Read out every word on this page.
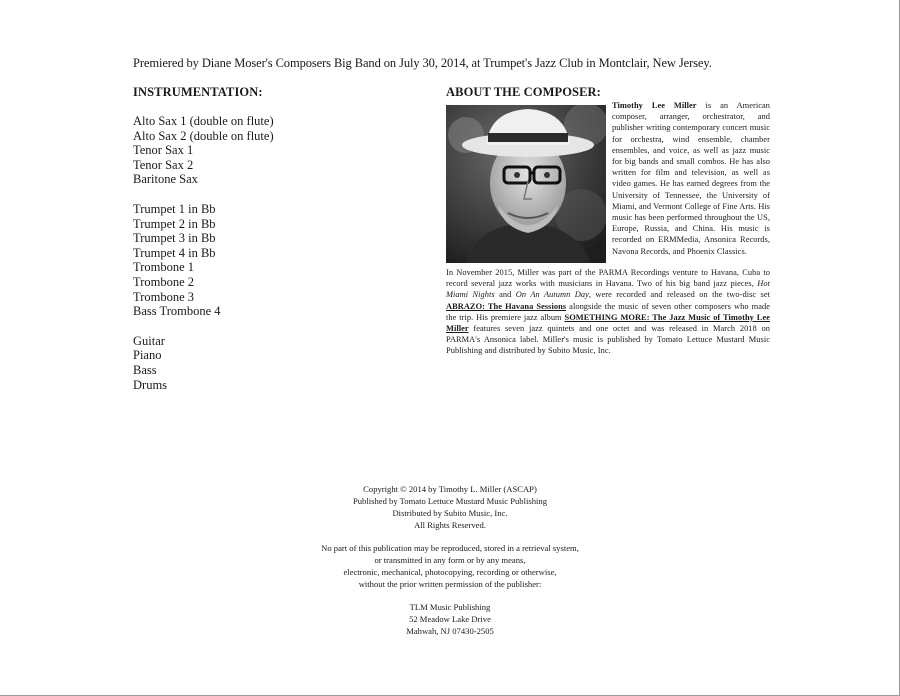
Premiered by Diane Moser's Composers Big Band on July 30, 2014, at Trumpet's Jazz Club in Montclair, New Jersey.
INSTRUMENTATION:
Alto Sax 1 (double on flute)
Alto Sax 2 (double on flute)
Tenor Sax 1
Tenor Sax 2
Baritone Sax
Trumpet 1 in Bb
Trumpet 2 in Bb
Trumpet 3 in Bb
Trumpet 4 in Bb
Trombone 1
Trombone 2
Trombone 3
Bass Trombone 4
Guitar
Piano
Bass
Drums
ABOUT THE COMPOSER:
Timothy Lee Miller is an American composer, arranger, orchestrator, and publisher writing contemporary concert music for orchestra, wind ensemble, chamber ensembles, and voice, as well as jazz music for big bands and small combos. He has also written for film and television, as well as video games. He has earned degrees from the University of Tennessee, the University of Miami, and Vermont College of Fine Arts. His music has been performed throughout the US, Europe, Russia, and China. His music is recorded on ERMMedia, Ansonica Records, Navona Records, and Phoenix Classics.
In November 2015, Miller was part of the PARMA Recordings venture to Havana, Cuba to record several jazz works with musicians in Havana. Two of his big band jazz pieces, Hot Miami Nights and On An Autumn Day, were recorded and released on the two-disc set ABRAZO: The Havana Sessions alongside the music of seven other composers who made the trip. His premiere jazz album SOMETHING MORE: The Jazz Music of Timothy Lee Miller features seven jazz quintets and one octet and was released in March 2018 on PARMA's Ansonica label. Miller's music is published by Tomato Lettuce Mustard Music Publishing and distributed by Subito Music, Inc.
Copyright © 2014 by Timothy L. Miller (ASCAP)
Published by Tomato Lettuce Mustard Music Publishing
Distributed by Subito Music, Inc.
All Rights Reserved.
No part of this publication may be reproduced, stored in a retrieval system,
or transmitted in any form or by any means,
electronic, mechanical, photocopying, recording or otherwise,
without the prior written permission of the publisher:
TLM Music Publishing
52 Meadow Lake Drive
Mahwah, NJ 07430-2505
